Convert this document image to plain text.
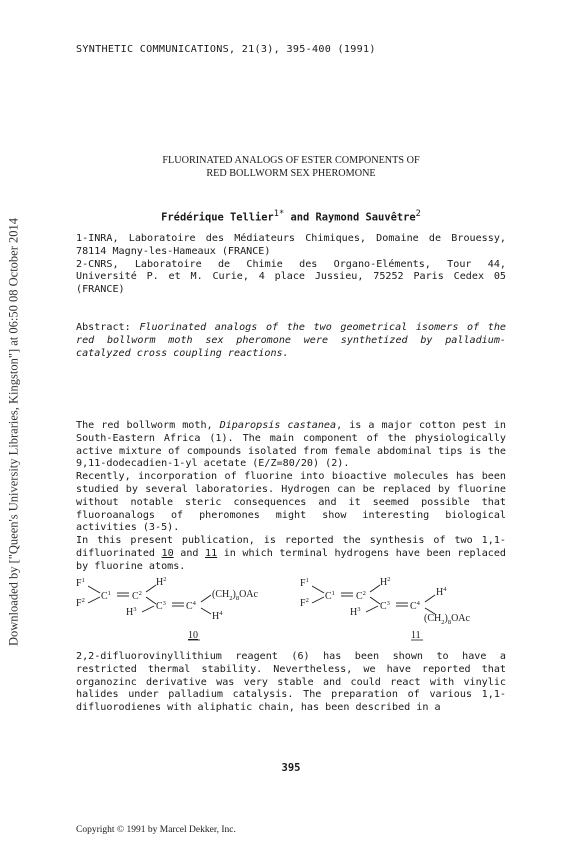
Downloaded by ["Queen's University Libraries, Kingston"] at 06:50 08 October 2014
SYNTHETIC COMMUNICATIONS, 21(3), 395-400 (1991)
FLUORINATED ANALOGS OF ESTER COMPONENTS OF
RED BOLLWORM SEX PHEROMONE
Frédérique Tellier$^{1*}$ and Raymond Sauvêtre$^2$
1-INRA, Laboratoire des Médiateurs Chimiques, Domaine de Brouessy,
78114 Magny-les-Hameaux (FRANCE)
2-CNRS, Laboratoire de Chimie des Organo-Eléments, Tour 44,
Université P. et M. Curie, 4 place Jussieu, 75252 Paris Cedex 05
(FRANCE)
Abstract: Fluorinated analogs of the two geometrical isomers of the red bollworm moth sex pheromone were synthetized by palladium-catalyzed cross coupling reactions.

The red bollworm moth, Diparopsis castanea, is a major cotton pest in South-Eastern Africa (1). The main component of the physiologically active mixture of compounds isolated from female abdominal tips is the 9,11-dodecadien-1-yl acetate (E/Z=80/20) (2).

Recently, incorporation of fluorine into bioactive molecules has been studied by several laboratories. Hydrogen can be replaced by fluorine without notable steric consequences and it seemed possible that fluoroanalogs of pheromones might show interesting biological activities (3-5).

In this present publication, is reported the synthesis of two 1,1-difluorinated 10 and 11 in which terminal hydrogens have been replaced by fluorine atoms.

$F^1$
$F^2$ $C^1$ $C^2$
$H^2$
$H^3$ $C^3$ $C^4$
$(CH_2)_8OAc$
$H^4$
10
$F^1$
$F^2$ $C^1$ $C^2$
$H^2$
$H^3$ $C^3$ $C^4$
$H^4$
$(CH_2)_8OAc$
11

2,2-difluorovinyllithium reagent (6) has been shown to have a restricted thermal stability. Nevertheless, we have reported that organozinc derivative was very stable and could react with vinylic halides under palladium catalysis. The preparation of various 1,1-difluorodienes with aliphatic chain, has been described in a

395
Copyright © 1991 by Marcel Dekker, Inc.
